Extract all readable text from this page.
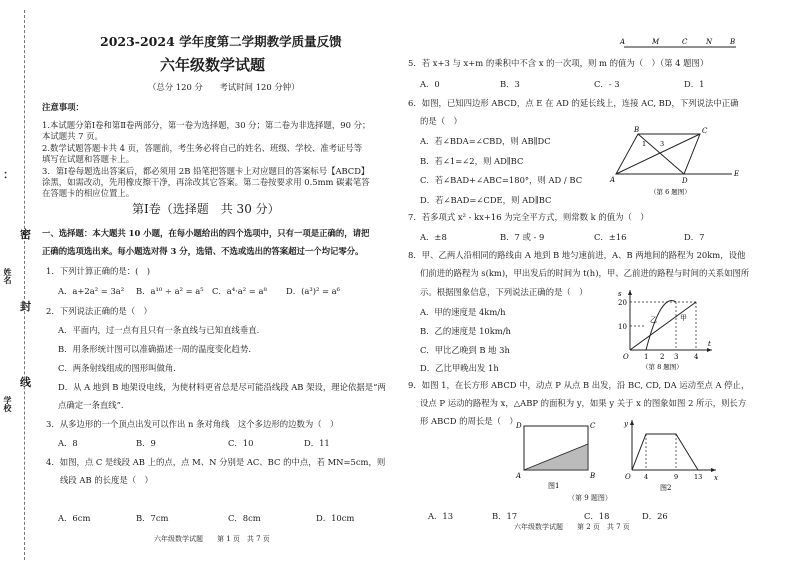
：
密
姓名
封
线
学校
2023-2024 学年度第二学期教学质量反馈
六年级数学试题
（总分 120 分　　考试时间 120 分钟）
注意事项：
1.本试题分第Ⅰ卷和第Ⅱ卷两部分，第一卷为选择题，30 分；第二卷为非选择题，90 分；
本试题共 7 页。
2.数学试题答题卡共 4 页，答题前，考生务必将自己的姓名、班级、学校、准考证号等
填写在试题和答题卡上。
3．第Ⅰ卷每题选出答案后，都必须用 2B 铅笔把答题卡上对应题目的答案标号【ABCD】
涂黑，如需改动，先用橡皮擦干净，再涂改其它答案。第二卷按要求用 0.5mm 碳素笔答
在答题卡的相应位置上。
第Ⅰ卷（选择题　共 30 分）
一、选择题：本大题共 10 小题，在每小题给出的四个选项中，只有一项是正确的，请把
正确的选项选出来。每小题选对得 3 分，选错、不选或选出的答案超过一个均记零分。
1．下列计算正确的是：(　)
A．a+2a² = 3a² B．a¹⁰ ÷ a² = a⁵ C．a⁴·a² = a⁸ D．(a³)² = a⁶
2．下列说法正确的是（　）
A．平面内，过一点有且只有一条直线与已知直线垂直.
B．用条形统计图可以准确描述一周的温度变化趋势.
C．两条射线组成的图形叫做角.
D．从 A 地到 B 地架设电线，为使材料更省总是尽可能沿线段 AB 架设，理论依据是“两
点确定一条直线”.
3．从多边形的一个顶点出发可以作出 n 条对角线　这个多边形的边数为（　）
A．8	B．9	C．10	D．11
4．如图，点 C 是线段 AB 上的点，点 M、N 分别是 AC、BC 的中点，若 MN=5cm，则
线段 AB 的长度是（　）
A．6cm	B．7cm	C．8cm	D．10cm
六年级数学试题　　第 1 页　共 7 页
A	M	C	N	B
5．若 x+3 与 x+m 的乘积中不含 x 的一次项，则 m 的值为（　）（第 4 题图）
A．0	B．3	C．- 3	D．1
6．如图，已知四边形 ABCD，点 E 在 AD 的延长线上，连接 AC, BD，下列说法中正确
的是（　）
A．若∠BDA=∠CBD，则 AB∥DC
B．若∠1=∠2，则 AD∥BC
C．若∠BAD+∠ABC=180°，则 AD / BC
D．若∠BAD=∠CDE，则 AD∥BC
B	C
1 3
A	D
E
（第 6 题图）
7．若多项式 x² - kx+16 为完全平方式，则常数 k 的值为（　）
A．±8	B．7 或 - 9	C．±16	D．7
8．甲、乙两人沿相同的路线由 A 地到 B 地匀速前进，A、B 两地间的路程为 20km，设他
们前进的路程为 s(km)，甲出发后的时间为 t(h)，甲、乙前进的路程与时间的关系如图所
示。根据图象信息，下列说法正确的是（　）
A．甲的速度是 4km/h
B．乙的速度是 10km/h
C．甲比乙晚到 B 地 3h
D．乙比甲晚出发 1h
s
20
10
O 1 2 3 4
t
甲
乙
（第 8 题图）
9．如图 1，在长方形 ABCD 中，动点 P 从点 B 出发，沿 BC, CD, DA 运动至点 A 停止，
设点 P 运动的路程为 x，△ABP 的面积为 y，如果 y 关于 x 的图象如图 2 所示，则长方
形 ABCD 的周长是（　）
D	C
A	B
图1
y
x
O 4	9 13
图2
（第 9 题图）
A．13	B．17	C．18	D．26
六年级数学试题　　第 2 页　共 7 页
